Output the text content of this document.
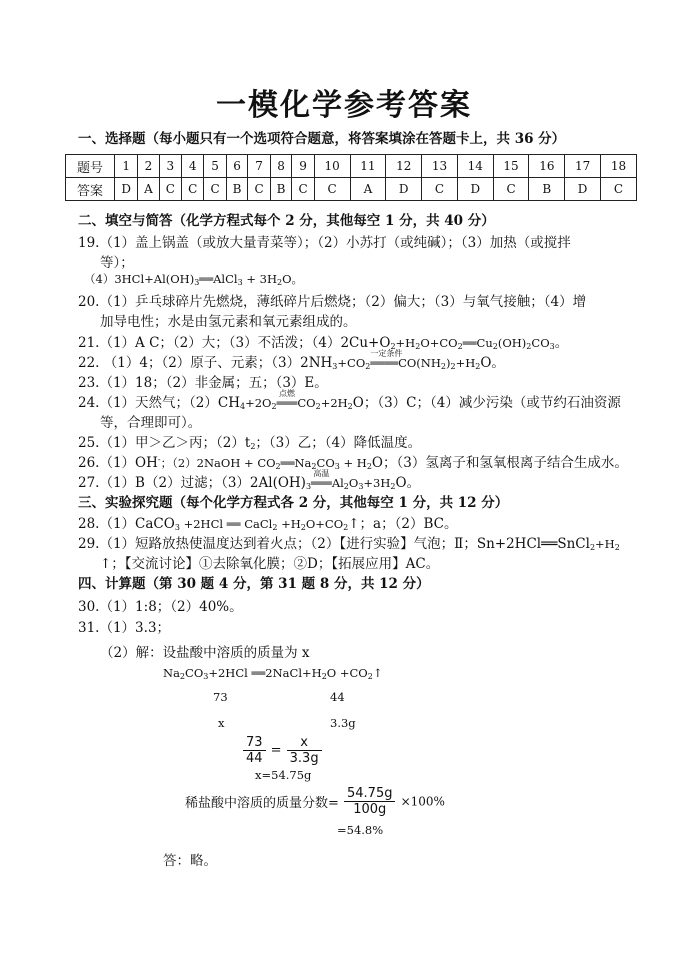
一模化学参考答案
一、选择题（每小题只有一个选项符合题意，将答案填涂在答题卡上，共 36 分）
题号	1	2	3	4	5	6	7	8	9	10	11	12	13	14	15	16	17	18
答案	D	A	C	C	C	B	C	B	C	C	A	D	C	D	C	B	D	C
二、填空与简答（化学方程式每个 2 分，其他每空 1 分，共 40 分）
19.（1）盖上锅盖（或放大量青菜等）；（2）小苏打（或纯碱）；（3）加热（或搅拌
等）；
$(4)3HCl+Al(OH)_3══AlCl_3 + 3H_2O$。
20.（1）乒乓球碎片先燃烧，薄纸碎片后燃烧；（2）偏大；（3）与氧气接触；（4）增
加导电性；水是由氢元素和氧元素组成的。
21.（1）A C；（2）大；（3）不活泼；$(4)2Cu+O_2+H_2O+CO_2══Cu_2(OH)_2CO_3$。
22. （1）4；（2）原子、元素；$(3)2NH_3+CO_2$
一定条件
$════CO(NH_2)_2+H_2O$。
23.（1）18；（2）非金属；五；（3）E。
24.（1）天然气；$(2)CH_4+2O_2$
点燃
$═══CO_2+2H_2O$；（3）C；（4）减少污染（或节约石油资源
等，合理即可）。
25.（1）甲＞乙＞丙；$(2)t_2$；（3）乙；（4）降低温度。
26.（1）OH-；（2）2NaOH + $CO_2══Na_2CO_3 + H_2O$；（3）氢离子和氢氧根离子结合生成水。
27.（1）B（2）过滤；$(3)2Al(OH)_3$
高温
$═══Al_2O_3+3H_2O$。
三、实验探究题（每个化学方程式各 2 分，其他每空 1 分，共 12 分）
28.（1）CaCO$_3$ +2HCl ══ CaCl$_2$ $+H_2O+CO_2↑$；a；（2）BC。
29.（1）短路放热使温度达到着火点；（2）【进行实验】气泡；Ⅱ；$Sn+2HCl══SnCl_2+H_2$
↑；【交流讨论】①去除氧化膜；②D；【拓展应用】AC。
四、计算题（第 30 题 4 分，第 31 题 8 分，共 12 分）
30.（1）1:8；（2）40%。
31.（1）3.3；
（2）解：设盐酸中溶质的质量为 x
$Na_2CO_3+2HCl$ $══2NaCl+H_2O$ $+CO_2↑$
73	44
x	3.3g
$\frac{73}{44} = \frac{x}{3.3g}$
x=54.75g
稀盐酸中溶质的质量分数= $\frac{54.75g}{100g} \times 100\%$
=54.8%
答：略。
